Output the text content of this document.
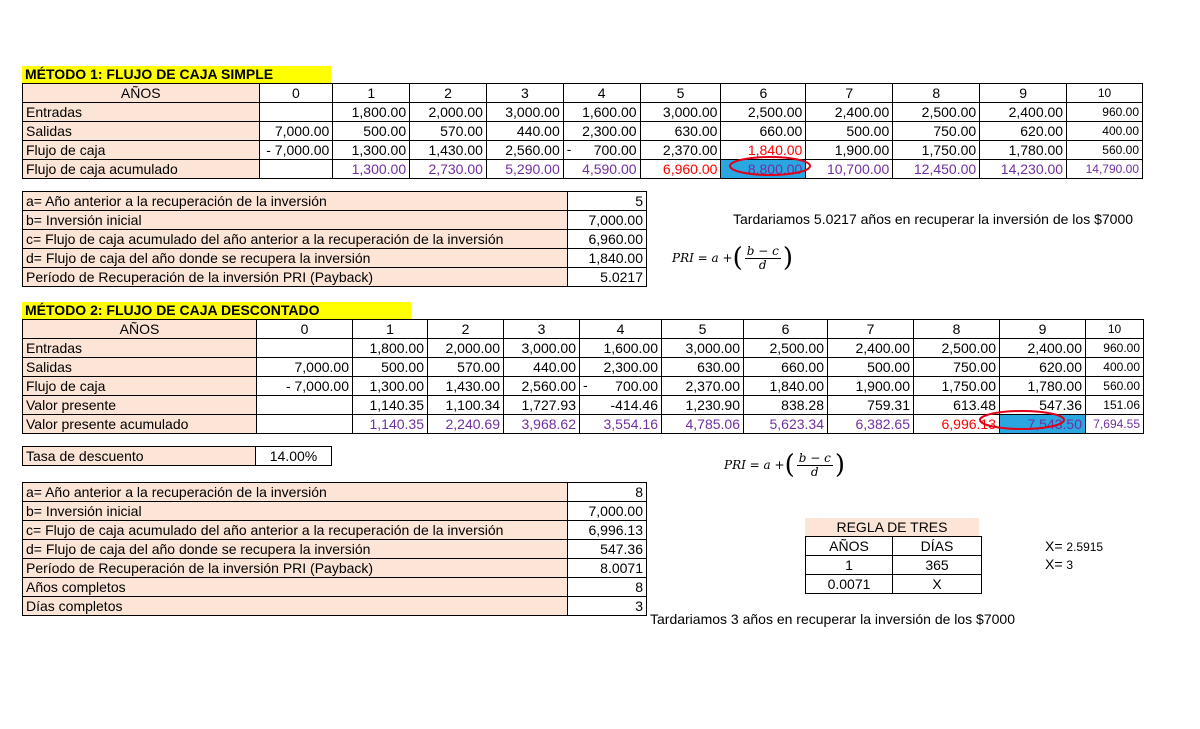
MÉTODO 1: FLUJO DE CAJA SIMPLE
AÑOS	0	1	2	3	4	5	6	7	8	9	10
Entradas		1,800.00	2,000.00	3,000.00	1,600.00	3,000.00	2,500.00	2,400.00	2,500.00	2,400.00	960.00
Salidas	7,000.00	500.00	570.00	440.00	2,300.00	630.00	660.00	500.00	750.00	620.00	400.00
Flujo de caja	- 7,000.00	1,300.00	1,430.00	2,560.00	- 700.00	2,370.00	1,840.00	1,900.00	1,750.00	1,780.00	560.00
Flujo de caja acumulado		1,300.00	2,730.00	5,290.00	4,590.00	6,960.00	8,800.00	10,700.00	12,450.00	14,230.00	14,790.00
a= Año anterior a la recuperación de la inversión	5
b= Inversión inicial	7,000.00
c= Flujo de caja acumulado del año anterior a la recuperación de la inversión	6,960.00
d= Flujo de caja del año donde se recupera la inversión	1,840.00
Período de Recuperación de la inversión PRI (Payback)	5.0217
Tardariamos 5.0217 años en recuperar la inversión de los $7000
PRI = a + ( $\frac{b - c}{d}$ )
MÉTODO 2: FLUJO DE CAJA DESCONTADO
AÑOS	0	1	2	3	4	5	6	7	8	9	10
Entradas		1,800.00	2,000.00	3,000.00	1,600.00	3,000.00	2,500.00	2,400.00	2,500.00	2,400.00	960.00
Salidas	7,000.00	500.00	570.00	440.00	2,300.00	630.00	660.00	500.00	750.00	620.00	400.00
Flujo de caja	- 7,000.00	1,300.00	1,430.00	2,560.00	- 700.00	2,370.00	1,840.00	1,900.00	1,750.00	1,780.00	560.00
Valor presente		1,140.35	1,100.34	1,727.93	-414.46	1,230.90	838.28	759.31	613.48	547.36	151.06
Valor presente acumulado		1,140.35	2,240.69	3,968.62	3,554.16	4,785.06	5,623.34	6,382.65	6,996.13	7,543.50	7,694.55
Tasa de descuento	14.00%
PRI = a + ( $\frac{b - c}{d}$ )
a= Año anterior a la recuperación de la inversión	8
b= Inversión inicial	7,000.00
c= Flujo de caja acumulado del año anterior a la recuperación de la inversión	6,996.13
d= Flujo de caja del año donde se recupera la inversión	547.36
Período de Recuperación de la inversión PRI (Payback)	8.0071
Años completos	8
Días completos	3
REGLA DE TRES
AÑOS	DÍAS
1	365
0.0071	X
X= 2.5915
X= 3
Tardariamos 3 años en recuperar la inversión de los $7000
